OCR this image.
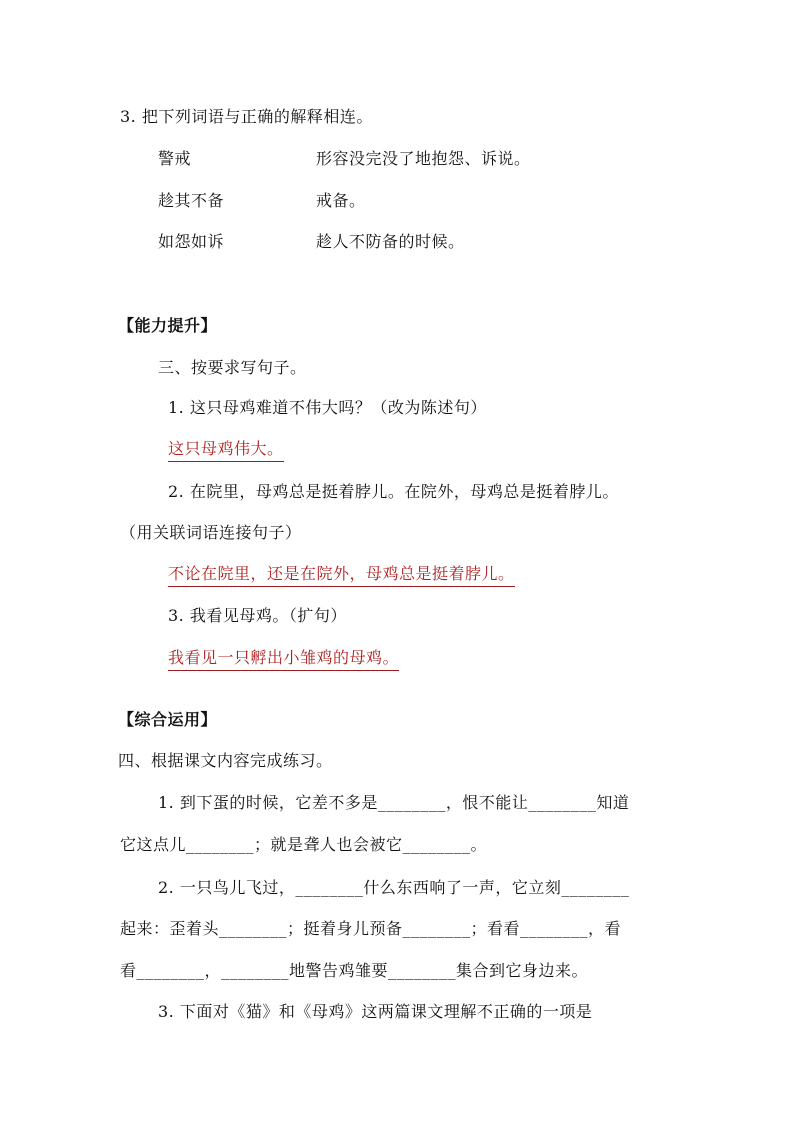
3. 把下列词语与正确的解释相连。
警戒
趁其不备
如怨如诉
形容没完没了地抱怨、诉说。
戒备。
趁人不防备的时候。
【能力提升】
三、按要求写句子。
1. 这只母鸡难道不伟大吗？（改为陈述句）
这只母鸡伟大。
2. 在院里，母鸡总是挺着脖儿。在院外，母鸡总是挺着脖儿。
（用关联词语连接句子）
不论在院里，还是在院外，母鸡总是挺着脖儿。
3. 我看见母鸡。（扩句）
我看见一只孵出小雏鸡的母鸡。
【综合运用】
四、根据课文内容完成练习。
1. 到下蛋的时候，它差不多是________，恨不能让________知道
它这点儿________；就是聋人也会被它________。
2. 一只鸟儿飞过，________什么东西响了一声，它立刻________
起来：歪着头________；挺着身儿预备________；看看________，看
看________，________地警告鸡雏要________集合到它身边来。
3. 下面对《猫》和《母鸡》这两篇课文理解不正确的一项是
